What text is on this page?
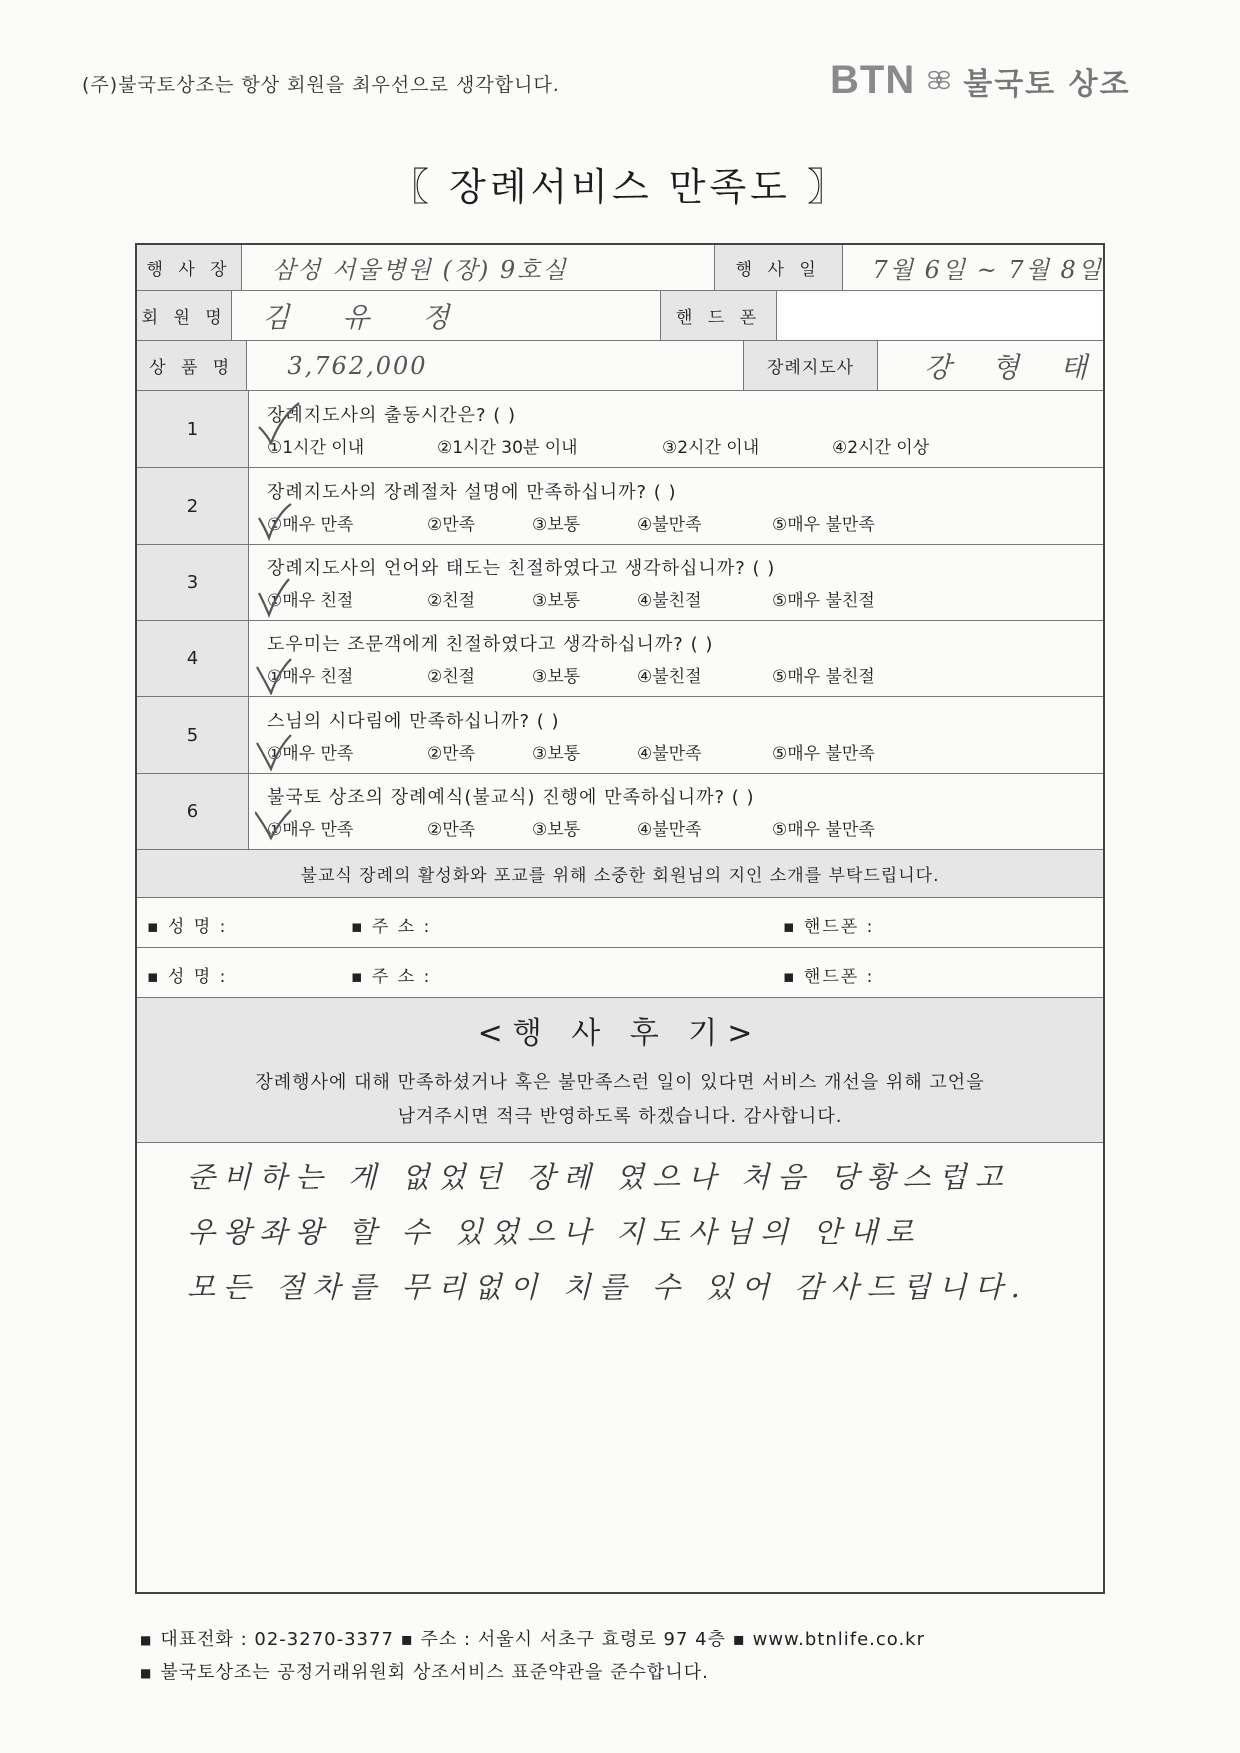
(주)불국토상조는 항상 회원을 최우선으로 생각합니다.	BTN 불국토 상조
〖 장례서비스 만족도 〗
행 사 장	삼성 서울병원 (장) 9호실	행 사 일	7월 6일 ~ 7월 8일
회 원 명	김 유 정	핸 드 폰
상 품 명	3,762,000	장례지도사	강 형 태
1
장례지도사의 출동시간은? ( )
①1시간 이내	②1시간 30분 이내	③2시간 이내	④2시간 이상
2
장례지도사의 장례절차 설명에 만족하십니까? ( )
①매우 만족	②만족	③보통	④불만족	⑤매우 불만족
3
장례지도사의 언어와 태도는 친절하였다고 생각하십니까? ( )
①매우 친절	②친절	③보통	④불친절	⑤매우 불친절
4
도우미는 조문객에게 친절하였다고 생각하십니까? ( )
①매우 친절	②친절	③보통	④불친절	⑤매우 불친절
5
스님의 시다림에 만족하십니까? ( )
①매우 만족	②만족	③보통	④불만족	⑤매우 불만족
6
불국토 상조의 장례예식(불교식) 진행에 만족하십니까? ( )
①매우 만족	②만족	③보통	④불만족	⑤매우 불만족
불교식 장례의 활성화와 포교를 위해 소중한 회원님의 지인 소개를 부탁드립니다.
▪ 성 명 :	▪ 주 소 :	▪ 핸드폰 :
▪ 성 명 :	▪ 주 소 :	▪ 핸드폰 :
<행 사 후 기>
장례행사에 대해 만족하셨거나 혹은 불만족스런 일이 있다면 서비스 개선을 위해 고언을
남겨주시면 적극 반영하도록 하겠습니다. 감사합니다.
준비하는 게 없었던 장례 였으나 처음 당황스럽고
우왕좌왕 할 수 있었으나 지도사님의 안내로
모든 절차를 무리없이 치를 수 있어 감사드립니다.
■ 대표전화 : 02-3270-3377 ▪ 주소 : 서울시 서초구 효령로 97 4층 ▪ www.btnlife.co.kr
■ 불국토상조는 공정거래위원회 상조서비스 표준약관을 준수합니다.
